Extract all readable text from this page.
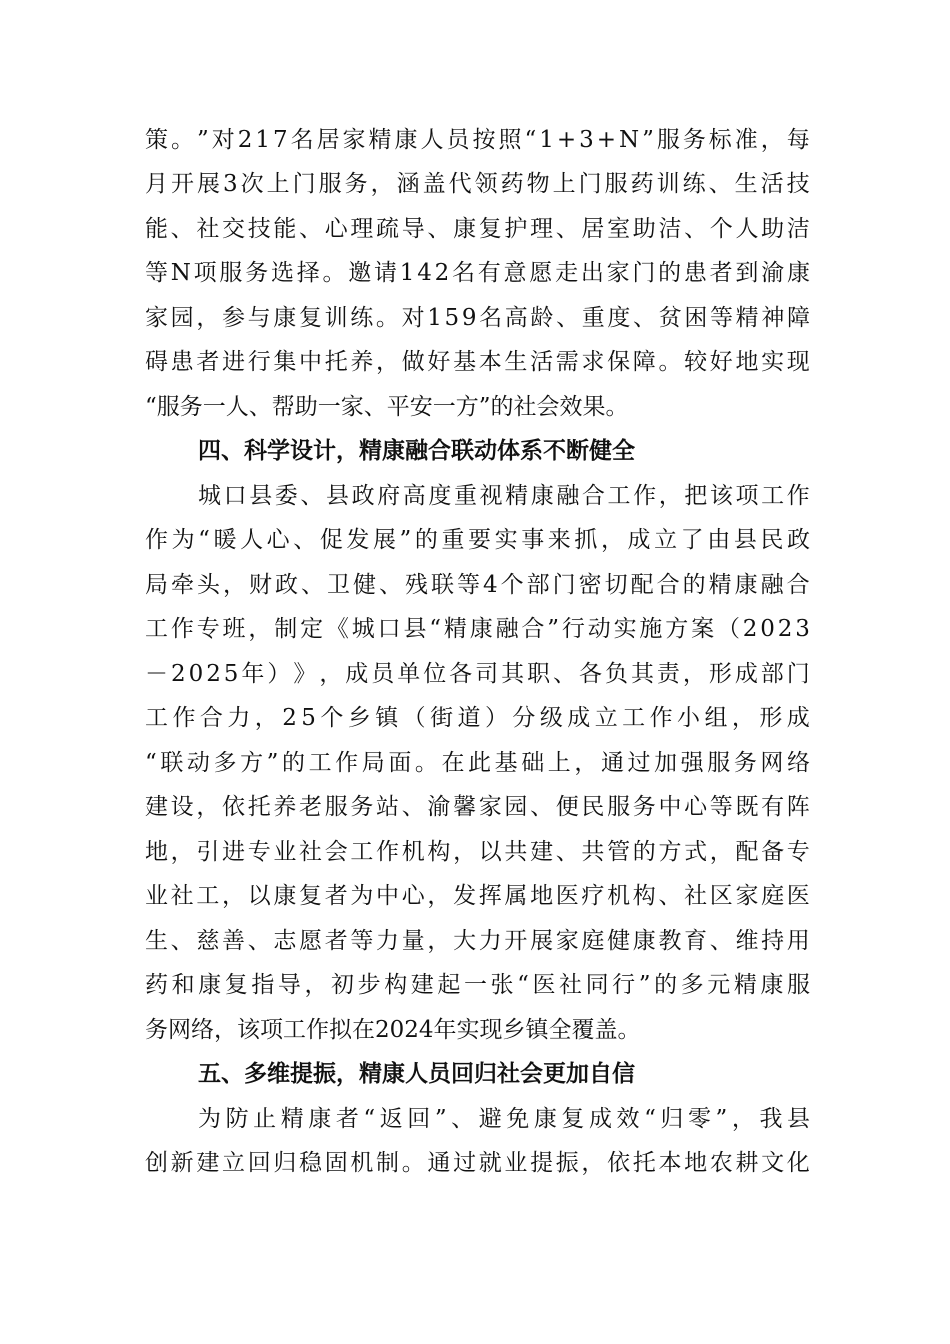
策 。 ” 对 2 1 7 名 居 家 精 康 人 员 按 照 “ 1 + 3 + N ” 服 务 标 准 ， 每
月 开 展 3 次 上 门 服 务 ， 涵 盖 代 领 药 物 上 门 服 药 训 练 、 生 活 技
能 、 社 交 技 能 、 心 理 疏 导 、 康 复 护 理 、 居 室 助 洁 、 个 人 助 洁
等 N 项 服 务 选 择 。 邀 请 1 4 2 名 有 意 愿 走 出 家 门 的 患 者 到 渝 康
家 园 ， 参 与 康 复 训 练 。 对 1 5 9 名 高 龄 、 重 度 、 贫 困 等 精 神 障
碍 患 者 进 行 集 中 托 养 ， 做 好 基 本 生 活 需 求 保 障 。 较 好 地 实 现
“服务一人、帮助一家、平安一方”的社会效果。
四、科学设计，精康融合联动体系不断健全
城 口 县 委 、 县 政 府 高 度 重 视 精 康 融 合 工 作 ， 把 该 项 工 作
作 为 “ 暖 人 心 、 促 发 展 ” 的 重 要 实 事 来 抓 ， 成 立 了 由 县 民 政
局 牵 头 ， 财 政 、 卫 健 、 残 联 等 4 个 部 门 密 切 配 合 的 精 康 融 合
工 作 专 班 ， 制 定 《 城 口 县 “ 精 康 融 合 ” 行 动 实 施 方 案 （ 2 0 2 3
－ 2 0 2 5 年 ） 》 ， 成 员 单 位 各 司 其 职 、 各 负 其 责 ， 形 成 部 门
工 作 合 力 ， 2 5 个 乡 镇 （ 街 道 ） 分 级 成 立 工 作 小 组 ， 形 成
“ 联 动 多 方 ” 的 工 作 局 面 。 在 此 基 础 上 ， 通 过 加 强 服 务 网 络
建 设 ， 依 托 养 老 服 务 站 、 渝 馨 家 园 、 便 民 服 务 中 心 等 既 有 阵
地 ， 引 进 专 业 社 会 工 作 机 构 ， 以 共 建 、 共 管 的 方 式 ， 配 备 专
业 社 工 ， 以 康 复 者 为 中 心 ， 发 挥 属 地 医 疗 机 构 、 社 区 家 庭 医
生 、 慈 善 、 志 愿 者 等 力 量 ， 大 力 开 展 家 庭 健 康 教 育 、 维 持 用
药 和 康 复 指 导 ， 初 步 构 建 起 一 张 “ 医 社 同 行 ” 的 多 元 精 康 服
务网络，该项工作拟在2024年实现乡镇全覆盖。
五、多维提振，精康人员回归社会更加自信
为 防 止 精 康 者 “ 返 回 ” 、 避 免 康 复 成 效 “ 归 零 ” ， 我 县
创 新 建 立 回 归 稳 固 机 制 。 通 过 就 业 提 振 ， 依 托 本 地 农 耕 文 化
